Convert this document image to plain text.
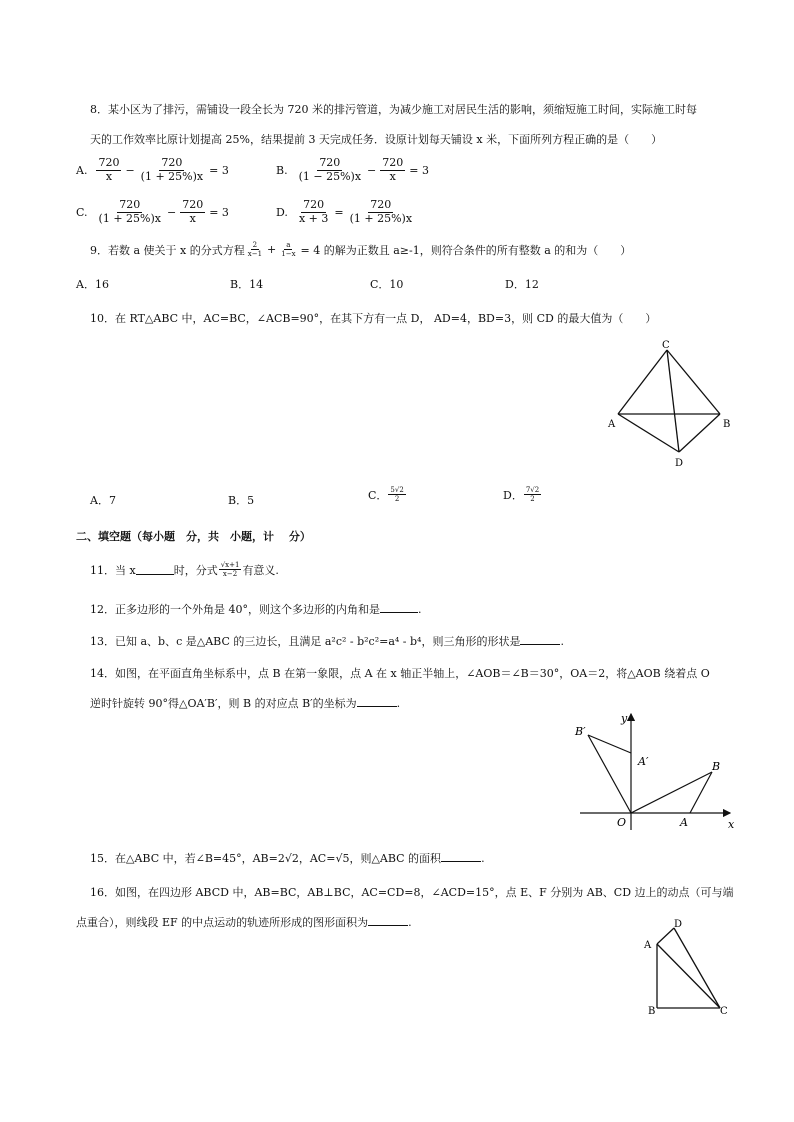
8．某小区为了排污，需铺设一段全长为 720 米的排污管道，为减少施工对居民生活的影响，须缩短施工时间，实际施工时每
天的工作效率比原计划提高 25%，结果提前 3 天完成任务．设原计划每天铺设 x 米，下面所列方程正确的是（　　）
A. $\frac{720}{x} - \frac{720}{(1 + 25\%)x} = 3$	B. $\frac{720}{(1 - 25\%)x} - \frac{720}{x} = 3$
C. $\frac{720}{(1 + 25\%)x} - \frac{720}{x} = 3$	D. $\frac{720}{x + 3} = \frac{720}{(1 + 25\%)x}$
9．若数 a 使关于 x 的分式方程 $\frac{2}{x-1} + \frac{a}{1-x} = 4$ 的解为正数且 a≥-1，则符合条件的所有整数 a 的和为（　　）
A．16	B．14	C．10	D．12
10．在 RT△ABC 中，AC=BC，∠ACB=90°，在其下方有一点 D， AD=4，BD=3，则 CD 的最大值为（　　）
C
A	B
D
A．7	B．5	C． $\frac{5√2}{2}$	D． $\frac{7√2}{2}$
二、填空题（每小题　分，共　小题，计　 分）
11．当 x	时，分式 $\frac{√x+1}{x-2}$ 有意义.
12．正多边形的一个外角是 40°，则这个多边形的内角和是	.
13．已知 a、b、c 是△ABC 的三边长，且满足 a²c² - b²c²=a⁴ - b⁴，则三角形的形状是	.
14．如图，在平面直角坐标系中，点 B 在第一象限，点 A 在 x 轴正半轴上，∠AOB＝∠B＝30°，OA＝2，将△AOB 绕着点 O
逆时针旋转 90°得△OA′B′，则 B 的对应点 B′的坐标为	.
y
x
O	A
B
A′
B′
15．在△ABC 中，若∠B=45°，AB=2√2，AC=√5，则△ABC 的面积	.
16．如图，在四边形 ABCD 中，AB=BC，AB⊥BC，AC=CD=8，∠ACD=15°，点 E、F 分别为 AB、CD 边上的动点（可与端
点重合），则线段 EF 的中点运动的轨迹所形成的图形面积为	.	D
A
B	C
